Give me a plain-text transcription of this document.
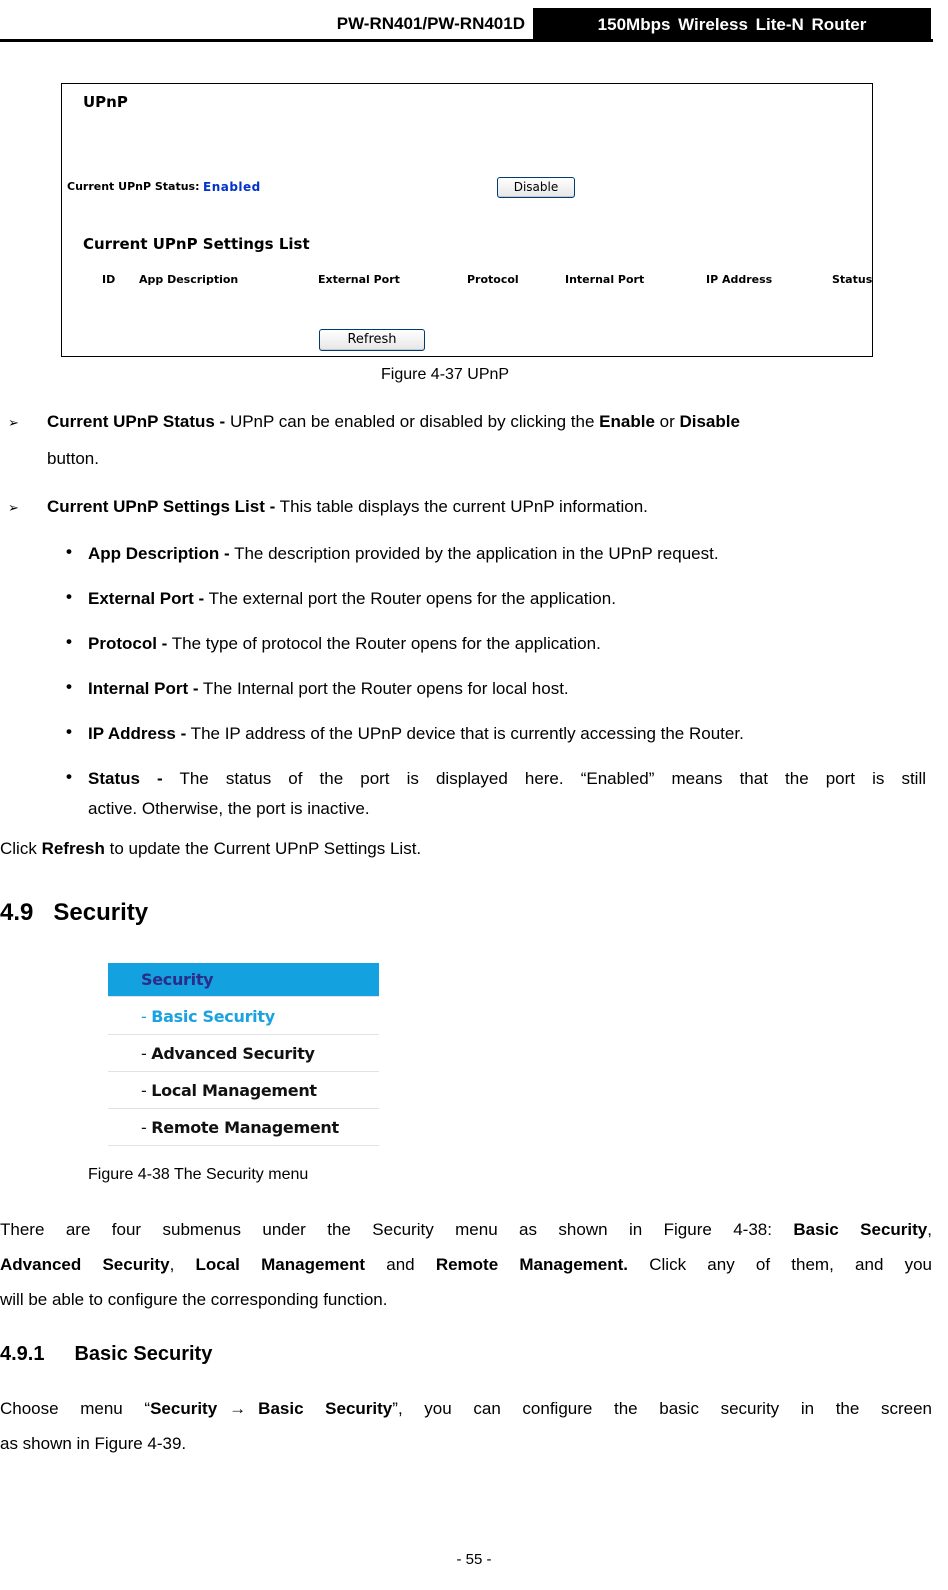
PW-RN401/PW-RN401D	150Mbps Wireless Lite-N Router
UPnP
Current UPnP Status: Enabled	Disable
Current UPnP Settings List
ID App Description	External Port	Protocol	Internal Port	IP Address	Status
Refresh
Figure 4-37 UPnP
➢ Current UPnP Status - UPnP can be enabled or disabled by clicking the Enable or Disable
button.
➢ Current UPnP Settings List - This table displays the current UPnP information.
• App Description - The description provided by the application in the UPnP request.
• External Port - The external port the Router opens for the application.
• Protocol - The type of protocol the Router opens for the application.
• Internal Port - The Internal port the Router opens for local host.
• IP Address - The IP address of the UPnP device that is currently accessing the Router.
• Status - The status of the port is displayed here. “Enabled” means that the port is still
active. Otherwise, the port is inactive.
Click Refresh to update the Current UPnP Settings List.
4.9 Security
Security
- Basic Security
- Advanced Security
- Local Management
- Remote Management
Figure 4-38 The Security menu
There  are  four  submenus  under  the  Security  menu  as  shown  in  Figure  4-38:  Basic  Security,
Advanced Security, Local Management and Remote Management. Click any of them, and you
will be able to configure the corresponding function.
4.9.1 Basic Security
Choose menu “Security → Basic Security”, you can configure the basic security in the screen
as shown in Figure 4-39.
- 55 -
